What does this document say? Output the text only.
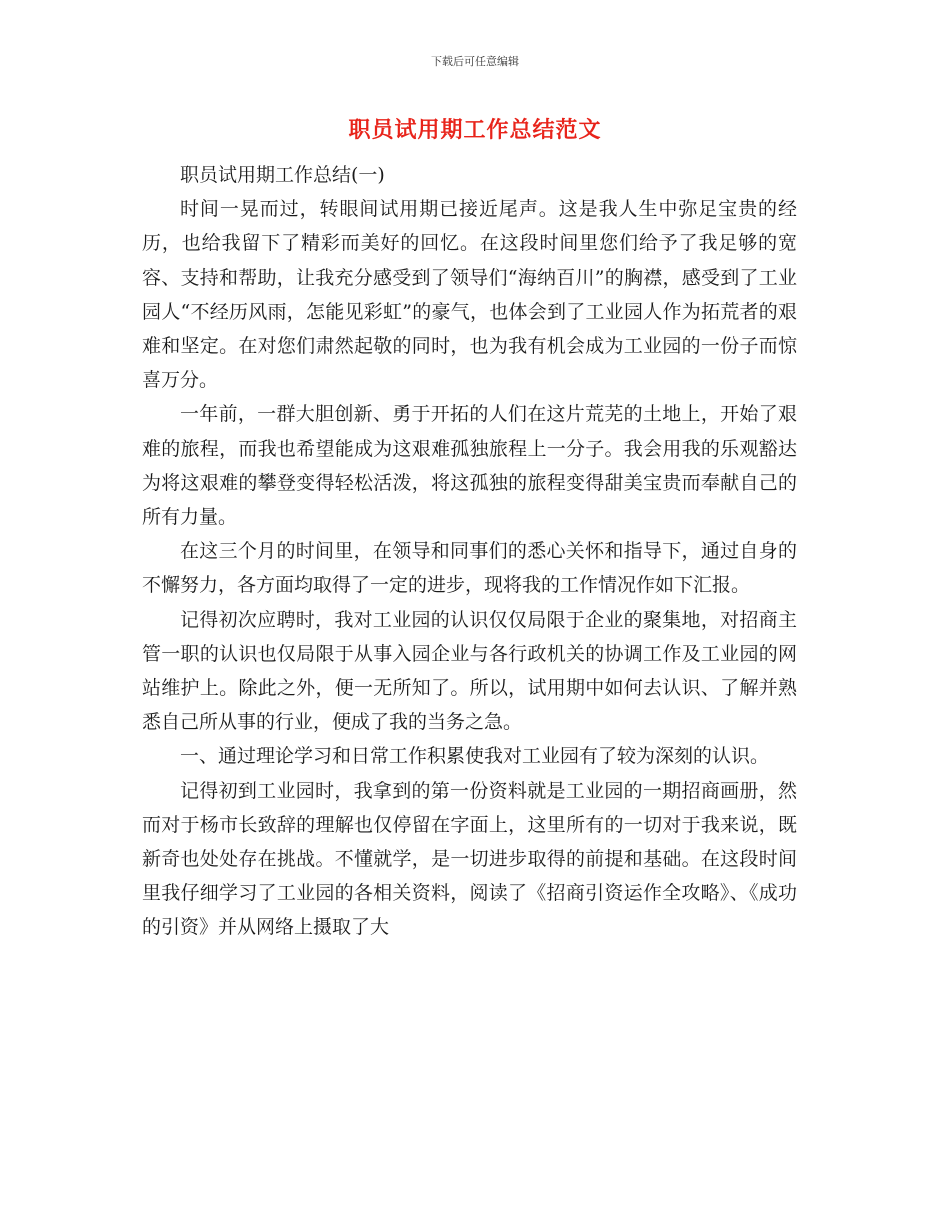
下载后可任意编辑
职员试用期工作总结范文

职员试用期工作总结(一)

时间一晃而过，转眼间试用期已接近尾声。这是我人生中弥足宝贵的经历，也给我留下了精彩而美好的回忆。在这段时间里您们给予了我足够的宽容、支持和帮助，让我充分感受到了领导们“海纳百川”的胸襟，感受到了工业园人“不经历风雨，怎能见彩虹”的豪气，也体会到了工业园人作为拓荒者的艰难和坚定。在对您们肃然起敬的同时，也为我有机会成为工业园的一份子而惊喜万分。

一年前，一群大胆创新、勇于开拓的人们在这片荒芜的土地上，开始了艰难的旅程，而我也希望能成为这艰难孤独旅程上一分子。我会用我的乐观豁达为将这艰难的攀登变得轻松活泼，将这孤独的旅程变得甜美宝贵而奉献自己的所有力量。

在这三个月的时间里，在领导和同事们的悉心关怀和指导下，通过自身的不懈努力，各方面均取得了一定的进步，现将我的工作情况作如下汇报。

记得初次应聘时，我对工业园的认识仅仅局限于企业的聚集地，对招商主管一职的认识也仅局限于从事入园企业与各行政机关的协调工作及工业园的网站维护上。除此之外，便一无所知了。所以，试用期中如何去认识、了解并熟悉自己所从事的行业，便成了我的当务之急。

一、通过理论学习和日常工作积累使我对工业园有了较为深刻的认识。

记得初到工业园时，我拿到的第一份资料就是工业园的一期招商画册，然而对于杨市长致辞的理解也仅停留在字面上，这里所有的一切对于我来说，既新奇也处处存在挑战。不懂就学，是一切进步取得的前提和基础。在这段时间里我仔细学习了工业园的各相关资料，阅读了《招商引资运作全攻略》、《成功的引资》并从网络上摄取了大
